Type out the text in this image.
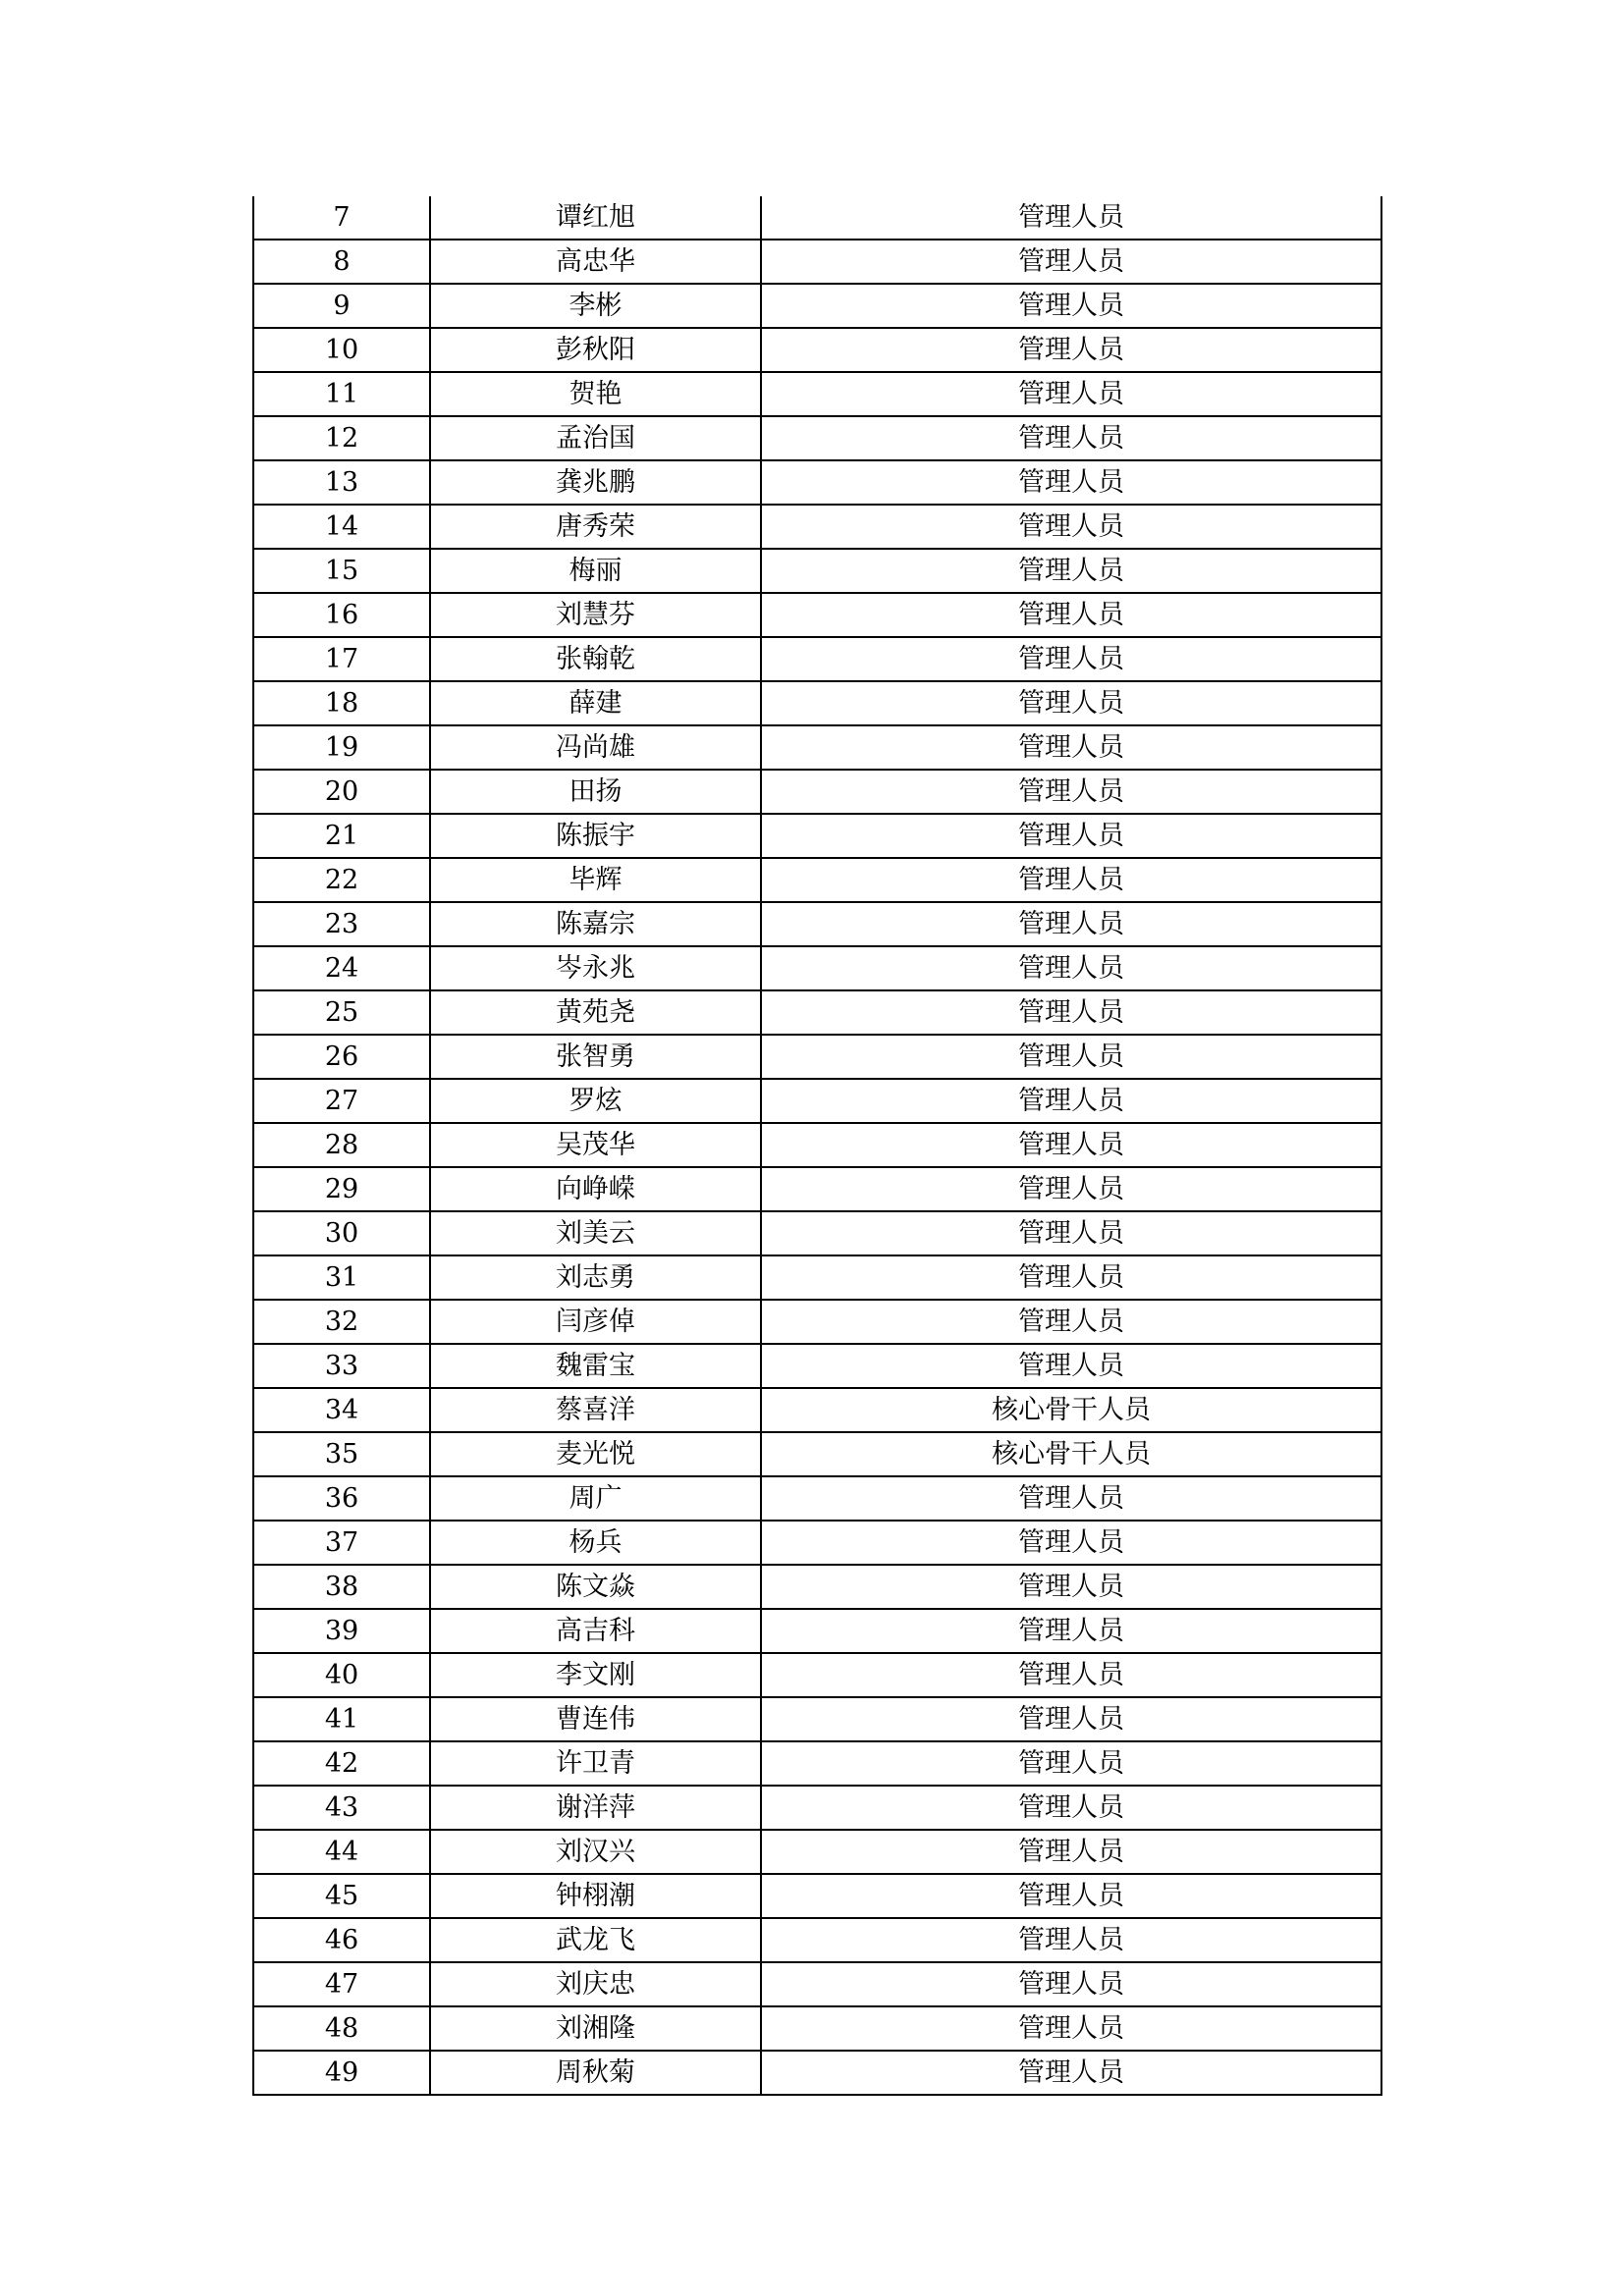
7	谭红旭	管理人员
8	高忠华	管理人员
9	李彬	管理人员
10	彭秋阳	管理人员
11	贺艳	管理人员
12	孟治国	管理人员
13	龚兆鹏	管理人员
14	唐秀荣	管理人员
15	梅丽	管理人员
16	刘慧芬	管理人员
17	张翰乾	管理人员
18	薛建	管理人员
19	冯尚雄	管理人员
20	田扬	管理人员
21	陈振宇	管理人员
22	毕辉	管理人员
23	陈嘉宗	管理人员
24	岑永兆	管理人员
25	黄苑尧	管理人员
26	张智勇	管理人员
27	罗炫	管理人员
28	吴茂华	管理人员
29	向峥嵘	管理人员
30	刘美云	管理人员
31	刘志勇	管理人员
32	闫彦倬	管理人员
33	魏雷宝	管理人员
34	蔡喜洋	核心骨干人员
35	麦光悦	核心骨干人员
36	周广	管理人员
37	杨兵	管理人员
38	陈文焱	管理人员
39	高吉科	管理人员
40	李文刚	管理人员
41	曹连伟	管理人员
42	许卫青	管理人员
43	谢洋萍	管理人员
44	刘汉兴	管理人员
45	钟栩潮	管理人员
46	武龙飞	管理人员
47	刘庆忠	管理人员
48	刘湘隆	管理人员
49	周秋菊	管理人员
